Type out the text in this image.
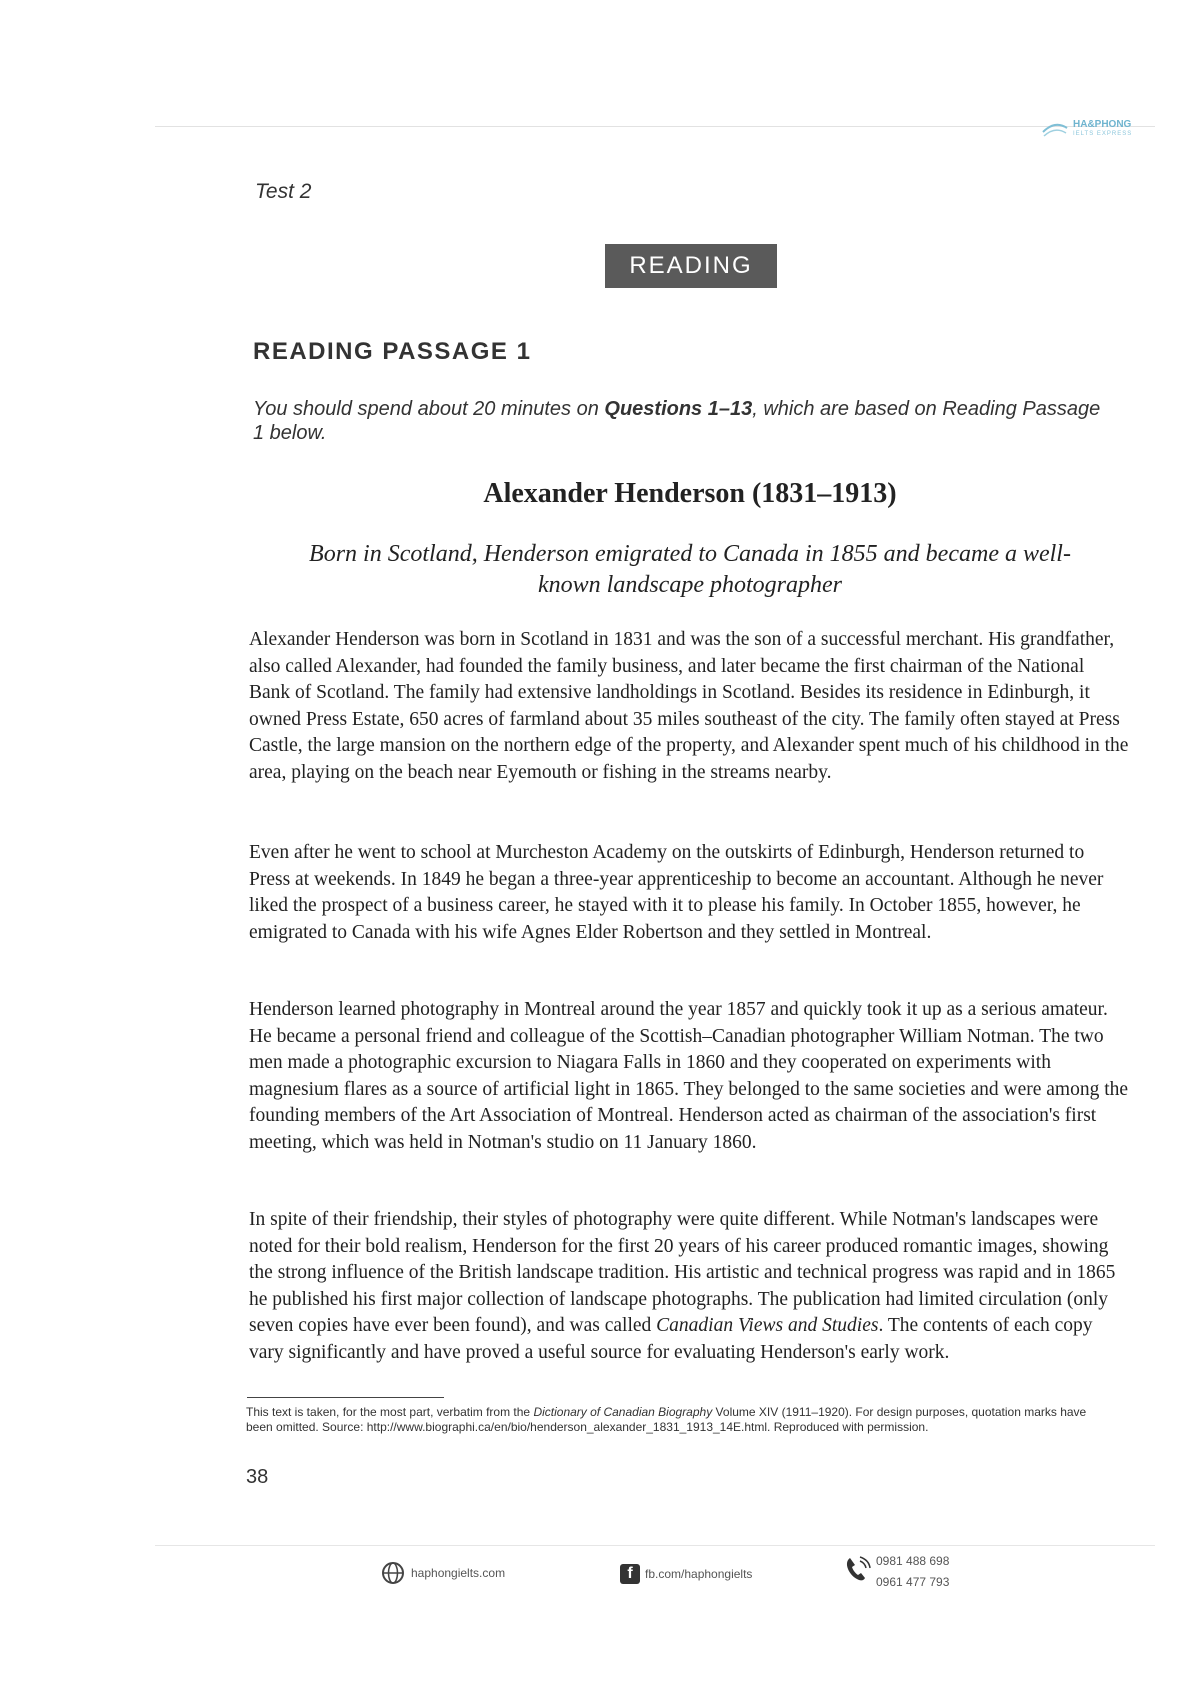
HA&PHONG
IELTS EXPRESS
Test 2
READING
READING PASSAGE 1
You should spend about 20 minutes on Questions 1–13, which are based on Reading Passage 1 below.
Alexander Henderson (1831–1913)
Born in Scotland, Henderson emigrated to Canada in 1855 and became a well-known landscape photographer
Alexander Henderson was born in Scotland in 1831 and was the son of a successful merchant. His grandfather, also called Alexander, had founded the family business, and later became the first chairman of the National Bank of Scotland. The family had extensive landholdings in Scotland. Besides its residence in Edinburgh, it owned Press Estate, 650 acres of farmland about 35 miles southeast of the city. The family often stayed at Press Castle, the large mansion on the northern edge of the property, and Alexander spent much of his childhood in the area, playing on the beach near Eyemouth or fishing in the streams nearby.
Even after he went to school at Murcheston Academy on the outskirts of Edinburgh, Henderson returned to Press at weekends. In 1849 he began a three-year apprenticeship to become an accountant. Although he never liked the prospect of a business career, he stayed with it to please his family. In October 1855, however, he emigrated to Canada with his wife Agnes Elder Robertson and they settled in Montreal.
Henderson learned photography in Montreal around the year 1857 and quickly took it up as a serious amateur. He became a personal friend and colleague of the Scottish–Canadian photographer William Notman. The two men made a photographic excursion to Niagara Falls in 1860 and they cooperated on experiments with magnesium flares as a source of artificial light in 1865. They belonged to the same societies and were among the founding members of the Art Association of Montreal. Henderson acted as chairman of the association's first meeting, which was held in Notman's studio on 11 January 1860.
In spite of their friendship, their styles of photography were quite different. While Notman's landscapes were noted for their bold realism, Henderson for the first 20 years of his career produced romantic images, showing the strong influence of the British landscape tradition. His artistic and technical progress was rapid and in 1865 he published his first major collection of landscape photographs. The publication had limited circulation (only seven copies have ever been found), and was called Canadian Views and Studies. The contents of each copy vary significantly and have proved a useful source for evaluating Henderson's early work.
This text is taken, for the most part, verbatim from the Dictionary of Canadian Biography Volume XIV (1911–1920). For design purposes, quotation marks have been omitted. Source: http://www.biographi.ca/en/bio/henderson_alexander_1831_1913_14E.html. Reproduced with permission.
38
haphongielts.com	f	fb.com/haphongielts
0981 488 698
0961 477 793
